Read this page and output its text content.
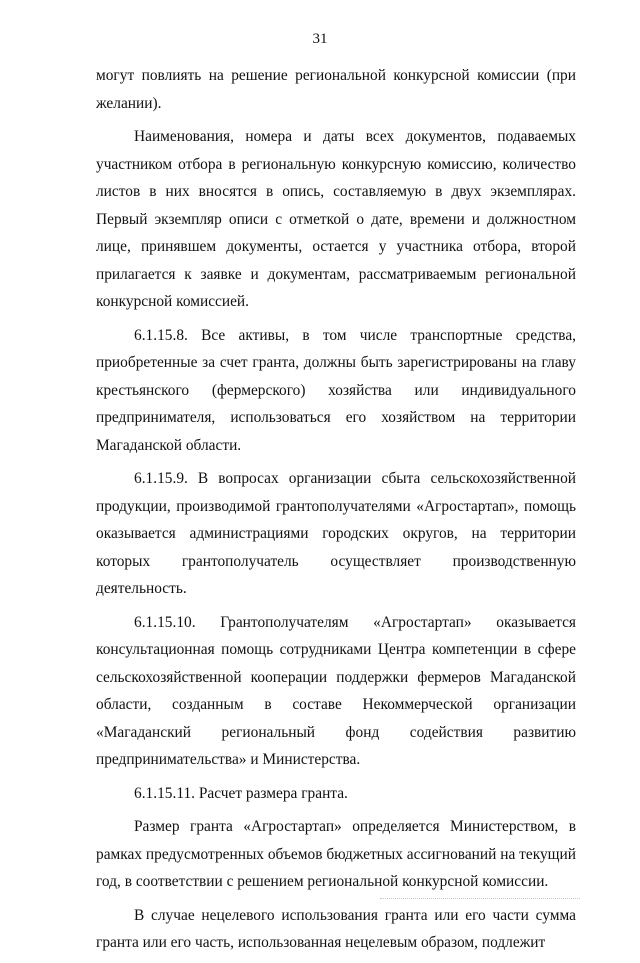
31

могут повлиять на решение региональной конкурсной комиссии (при желании).

Наименования, номера и даты всех документов, подаваемых участником отбора в региональную конкурсную комиссию, количество листов в них вносятся в опись, составляемую в двух экземплярах. Первый экземпляр описи с отметкой о дате, времени и должностном лице, принявшем документы, остается у участника отбора, второй прилагается к заявке и документам, рассматриваемым региональной конкурсной комиссией.

6.1.15.8. Все активы, в том числе транспортные средства, приобретенные за счет гранта, должны быть зарегистрированы на главу крестьянского (фермерского) хозяйства или индивидуального предпринимателя, использоваться его хозяйством на территории Магаданской области.

6.1.15.9. В вопросах организации сбыта сельскохозяйственной продукции, производимой грантополучателями «Агростартап», помощь оказывается администрациями городских округов, на территории которых грантополучатель осуществляет производственную деятельность.

6.1.15.10. Грантополучателям «Агростартап» оказывается консультационная помощь сотрудниками Центра компетенции в сфере сельскохозяйственной кооперации поддержки фермеров Магаданской области, созданным в составе Некоммерческой организации «Магаданский региональный фонд содействия развитию предпринимательства» и Министерства.

6.1.15.11. Расчет размера гранта.

Размер гранта «Агростартап» определяется Министерством, в рамках предусмотренных объемов бюджетных ассигнований на текущий год, в соответствии с решением региональной конкурсной комиссии.

В случае нецелевого использования гранта или его части сумма гранта или его часть, использованная нецелевым образом, подлежит
